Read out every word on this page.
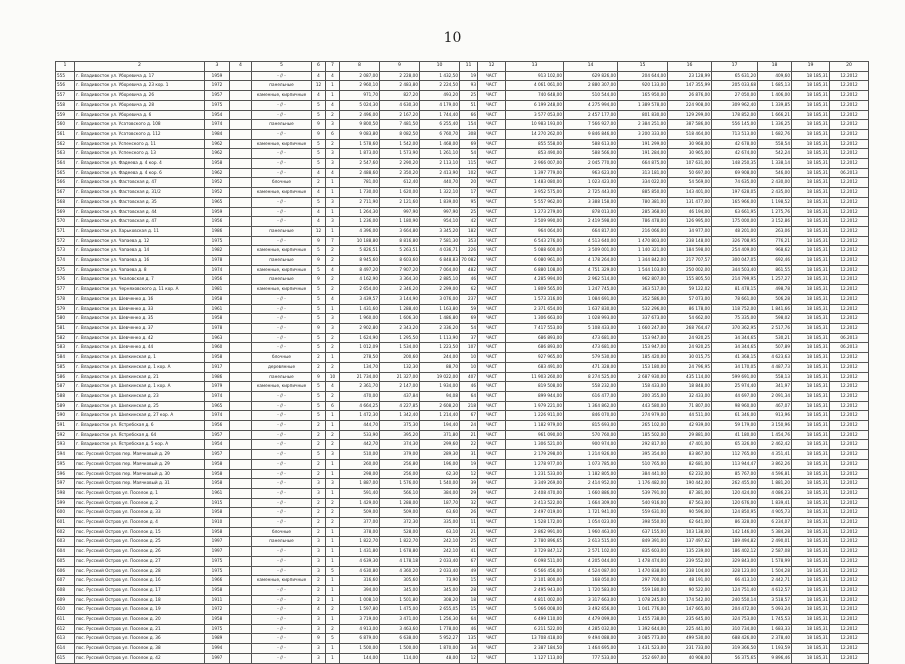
10
1	2	3	4	5	6	7	8	9	10	11	12	13	14	15	16	17	18	19	20
555	г. Владивосток ул. Уборевича д. 17	1959		- // -	4	4	2 087,00	2 228,00	1 432,50	19	ЧАСТ	913 102,00	629 826,00	204 644,00	23 128,99	65 631,20	409,60	18 185,31	12.2012
556	г. Владивосток ул. Уборевича д. 23 кор. 1	1972		панельные	12	1	2 960,10	2 483,80	2 224,50	93	ЧАСТ	4 061 061,00	2 880 307,00	920 133,00	147 355,99	205 033,68	1 685,13	18 185,31	12.2012
557	г. Владивосток ул. Уборевича д. 26	1957		каменные, кирпичные	4	1	971,70	827,20	493,20	25	ЧАСТ	740 648,00	510 544,00	165 950,00	26 876,00	27 050,00	1 406,00	18 185,31	12.2012
558	г. Владивосток ул. Уборевича д. 28	1975		- // -	5	4	5 024,30	4 630,30	4 179,00	51	ЧАСТ	6 199 248,00	4 275 994,00	1 389 578,00	224 908,00	309 962,40	1 339,85	18 185,31	12.2012
559	г. Владивосток ул. Уборевича д. 6	1954		- // -	5	2	2 496,00	2 167,20	1 744,40	66	ЧАСТ	3 577 053,00	2 457 177,00	801 830,00	129 299,00	178 852,00	1 666,21	18 185,31	12.2012
560	г. Владивосток ул. Усатовского д. 108	1974		панельные	9	3	9 800,50	7 481,50	6 255,40	154	ЧАСТ	10 983 193,00	7 566 927,00	2 384 251,00	387 586,00	556 145,00	1 336,25	18 185,31	12.2012
561	г. Владивосток ул. Усатовского д. 112	1984		- // -	9	6	9 083,80	8 082,50	6 760,70	308	ЧАСТ	14 270 262,00	9 846 846,00	3 200 333,00	518 464,00	713 513,00	1 682,76	18 185,31	12.2012
562	г. Владивосток ул. Успенского д. 11	1962		каменные, кирпичные	5	2	1 578,60	1 542,00	1 468,00	69	ЧАСТ	855 558,00	588 613,00	191 299,00	30 968,00	42 678,00	558,54	18 185,31	12.2012
563	г. Владивосток ул. Успенского д. 13	1962		- // -	5	3	1 873,00	1 573,90	1 261,10	54	ЧАСТ	853 490,00	588 566,00	191 284,00	30 965,00	42 674,00	542,24	18 185,31	12.2012
564	г. Владивосток ул. Фадеева д. 4 кор. 4	1958		- // -	5	3	2 547,60	2 290,20	2 113,10	115	ЧАСТ	2 966 007,00	2 045 770,00	664 875,00	107 631,00	148 250,35	1 338,14	18 185,31	12.2012
565	г. Владивосток ул. Фадеева д. 4 кор. 6	1962		- // -	4	4	2 488,60	2 350,20	2 413,90	102	ЧАСТ	1 397 779,00	963 623,00	313 181,00	50 697,00	69 908,00	546,00	18 185,31	06.2013
566	г. Владивосток ул. Фастовская д. 47	1952		блочные	2	1	781,00	612,40	440,70	20	ЧАСТ	1 483 080,00	1 023 423,00	334 022,00	54 569,00	74 635,00	2 430,00	18 185,31	12.2012
567	г. Владивосток ул. Фастовская д. 31/2	1952		каменные, кирпичные	4	1	1 730,00	1 620,00	1 322,10	17	ЧАСТ	3 952 575,00	2 725 443,00	885 850,00	143 401,00	197 628,05	2 435,00	18 185,31	12.2012
568	г. Владивосток ул. Фастовская д. 35	1965		- // -	5	3	2 711,90	2 121,60	1 839,00	95	ЧАСТ	5 557 962,00	3 388 158,00	780 381,00	131 477,00	165 966,00	1 198,52	18 185,31	12.2012
569	г. Владивосток ул. Фастовская д. 44	1959		- // -	4	1	1 264,30	997,90	997,90	25	ЧАСТ	1 273 279,00	878 013,00	285 368,00	46 194,00	63 661,95	1 275,76	18 185,31	12.2012
570	г. Владивосток ул. Фастовская д. 47	1956		- // -	4	3	1 236,00	1 180,90	954,10	42	ЧАСТ	3 509 990,00	2 419 598,00	786 478,00	126 995,00	175 000,00	3 152,86	18 185,31	12.2012
571	г. Владивосток ул. Харьковская д. 11	1986		панельные	12	1	4 396,00	3 664,80	3 345,20	182	ЧАСТ	964 064,00	664 817,00	216 066,00	34 977,00	48 201,00	263,06	18 185,31	12.2012
572	г. Владивосток ул. Чапаева д. 12	1975		- // -	9	7	10 188,80	8 816,80	7 581,30	353	ЧАСТ	6 543 276,00	4 513 640,00	1 470 803,00	238 148,00	326 708,95	776,21	18 185,31	12.2012
573	г. Владивосток ул. Чапаева д. 14	1982		каменные, кирпичные	5	2	5 826,51	5 263,51	4 036,71	226	ЧАСТ	5 088 600,00	3 509 001,00	1 140 321,00	184 598,00	254 409,00	968,62	18 185,31	12.2012
574	г. Владивосток ул. Чапаева д. 16	1978		панельные	9	2	8 945,60	8 603,60	6 848,83	70 082	ЧАСТ	6 080 961,00	4 178 264,00	1 344 842,00	217 707,57	300 047,05	692,46	18 185,31	12.2012
575	г. Владивосток ул. Чапаева д. 8	1974		каменные, кирпичные	5	4	8 497,20	7 907,20	7 064,00	482	ЧАСТ	6 880 108,00	4 751 329,00	1 544 103,00	250 002,00	344 503,40	861,55	18 185,31	12.2012
576	г. Владивосток ул. Чкаловская д. 7	1956		панельные	9	2	4 162,90	3 364,30	2 885,10	46	ЧАСТ	4 285 994,00	2 962 514,00	962 807,00	155 805,50	214 799,95	1 257,27	18 185,31	12.2012
577	г. Владивосток ул. Черняховского д. 11 кор. А	1981		каменные, кирпичные	5	2	2 654,00	2 346,20	2 299,00	62	ЧАСТ	1 809 565,00	1 247 745,00	363 517,00	59 122,02	81 478,15	498,78	18 185,31	12.2012
578	г. Владивосток ул. Шевченко д. 16	1958		- // -	5	4	3 439,57	3 144,90	3 076,00	237	ЧАСТ	1 573 316,00	1 084 691,00	352 586,00	57 073,00	78 661,00	506,28	18 185,31	12.2012
579	г. Владивосток ул. Шевченко д. 33	1961		- // -	5	1	1 431,60	1 288,40	1 163,80	59	ЧАСТ	2 371 654,00	1 637 830,00	532 296,00	86 178,00	118 752,00	1 841,66	18 185,31	12.2012
580	г. Владивосток ул. Шевченко д. 35	1958		- // -	5	3	1 960,00	1 606,30	1 486,80	69	ЧАСТ	1 306 663,00	1 028 993,00	337 673,00	54 662,00	75 335,00	598,02	18 185,31	12.2012
581	г. Владивосток ул. Шевченко д. 37	1978		- // -	9	3	2 902,80	2 343,20	2 336,20	54	ЧАСТ	7 417 553,00	5 108 433,00	1 660 247,00	268 764,47	370 362,95	2 517,76	18 185,31	12.2012
582	г. Владивосток ул. Шевченко д. 42	1963		- // -	5	2	1 624,90	1 295,50	1 113,90	37	ЧАСТ	686 893,00	473 681,00	153 947,00	24 920,25	34 344,65	530,21	18 185,31	06.2013
583	г. Владивосток ул. Шевченко д. 44	1960		- // -	5	2	1 012,09	1 534,00	1 223,50	107	ЧАСТ	686 893,00	473 681,00	153 947,00	24 920,25	34 344,65	507,89	18 185,31	06.2013
584	г. Владивосток ул. Шилкинская д. 1	1958		блочные	2	1	278,50	200,60	244,00	10	ЧАСТ	927 965,00	579 530,00	185 420,00	30 015,75	41 368,15	4 623,63	18 185,31	12.2012
585	г. Владивосток ул. Шилкинская д. 1 кор. А	1917		деревянные	2	2	134,70	132,30	88,70	10	ЧАСТ	683 491,00	471 328,00	153 180,00	24 796,95	34 170,05	4 487,73	18 185,31	12.2012
586	г. Владивосток ул. Шилкинская д. 21	1986		панельные	9	10	21 734,00	21 327,00	19 022,00	407	ЧАСТ	11 903 260,00	8 274 525,00	2 687 930,00	435 114,00	599 691,00	558,13	18 185,31	12.2012
587	г. Владивосток ул. Шилкинская д. 1 кор. А	1979		каменные, кирпичные	5	4	2 361,70	2 147,00	1 934,00	46	ЧАСТ	819 508,00	558 232,00	158 433,00	18 848,00	25 974,40	341,97	18 185,31	12.2012
588	г. Владивосток ул. Шилкинская д. 23	1974		- // -	5	2	470,00	437,84	94,08	64	ЧАСТ	899 944,00	616 477,00	200 355,00	32 433,00	44 697,00	2 091,34	18 185,31	12.2012
589	г. Владивосток ул. Шилкинская д. 25	1965		- // -	5	6	4 664,25	4 227,85	2 608,20	218	ЧАСТ	1 979 221,00	1 364 862,00	443 580,00	71 807,00	98 960,00	467,07	18 185,31	12.2012
590	г. Владивосток ул. Шилкинская д. 27 кор. А	1974		- // -	5	1	1 472,30	1 342,40	1 214,40	67	ЧАСТ	1 226 911,00	846 070,00	274 979,00	44 511,00	61 346,00	913,96	18 185,31	12.2012
591	г. Владивосток ул. Ястребская д. 6	1956		- // -	2	1	444,70	375,30	194,40	24	ЧАСТ	1 182 979,00	815 693,00	265 102,00	42 939,00	59 179,00	3 150,96	18 185,31	12.2012
592	г. Владивосток ул. Ястребская д. 64	1957		- // -	2	2	533,90	395,20	371,80	21	ЧАСТ	961 090,00	570 760,00	185 502,00	29 881,00	41 180,00	1 454,76	18 185,31	12.2012
593	г. Владивосток ул. Ястребская д. 5 кор. А	1954		- // -	2	2	442,70	374,30	299,60	22	ЧАСТ	1 306 521,00	900 974,00	292 817,00	47 401,00	65 326,00	2 462,42	18 185,31	12.2012
594	пос. Русский Остров пер. Маячковый д. 29	1957		- // -	5	3	510,00	379,00	289,30	31	ЧАСТ	2 179 298,00	1 214 926,00	395 354,00	83 867,00	112 765,00	4 351,41	18 185,31	12.2012
595	пос. Русский Остров пер. Маячковый д. 29	1958		- // -	2	1	260,00	256,80	196,00	19	ЧАСТ	1 278 977,00	1 073 785,00	510 765,00	82 681,00	113 944,47	3 862,26	18 185,31	12.2012
596	пос. Русский Остров пер. Маячковый д. 30	1958		- // -	2	1	298,00	256,00	62,30	12	ЧАСТ	1 231 533,00	1 182 805,00	384 441,00	62 232,00	85 767,00	4 596,81	18 185,31	12.2012
597	пос. Русский Остров пер. Маячковый д. 31	1958		- // -	3	3	1 887,00	1 576,00	1 540,00	39	ЧАСТ	3 349 269,00	2 414 952,00	1 176 482,00	190 442,00	262 455,00	1 881,20	18 185,31	12.2012
598	пос. Русский Остров ул. Поселок д. 1	1961		- // -	3	1	591,40	566,10	384,00	29	ЧАСТ	2 408 470,00	1 660 886,00	539 791,00	87 381,00	120 424,00	4 086,23	18 185,31	12.2012
599	пос. Русский Остров ул. Поселок д. 2	1915		- // -	2	2	1 429,00	1 288,00	187,70	32	ЧАСТ	2 413 522,00	1 664 309,00	540 916,00	87 563,00	120 676,00	1 839,41	18 185,31	12.2012
600	пос. Русский Остров ул. Поселок д. 33	1958		- // -	2	2	509,00	509,00	63,60	26	ЧАСТ	2 497 019,00	1 721 941,00	559 631,00	90 596,00	124 850,95	4 905,73	18 185,31	12.2012
601	пос. Русский Остров ул. Поселок д. 4	1910		- // -	2	2	377,00	372,30	335,00	11	ЧАСТ	1 528 172,00	1 054 023,00	398 550,00	62 641,00	86 328,00	6 234,07	18 185,31	12.2012
602	пос. Русский Остров ул. Поселок д. 15	1958		блочные	2	1	378,00	528,00	63,10	21	ЧАСТ	2 862 991,00	1 960 463,00	637 155,00	103 138,00	142 146,00	5 384,28	18 185,31	12.2012
603	пос. Русский Остров ул. Поселок д. 25	1997		панельные	3	1	1 822,70	1 822,70	242,10	25	ЧАСТ	2 780 896,65	2 613 515,00	849 391,00	137 497,62	189 494,82	2 490,01	18 185,31	12.2012
604	пос. Русский Остров ул. Поселок д. 26	1997		- // -	3	1	1 431,80	1 678,80	242,10	41	ЧАСТ	3 729 847,12	2 571 102,00	835 603,00	135 239,00	186 402,12	2 587,08	18 185,31	12.2012
605	пос. Русский Остров ул. Поселок д. 27	1975		- // -	3	1	4 639,30	4 178,18	2 033,40	67	ЧАСТ	6 098 511,00	4 205 044,00	1 478 474,00	239 552,00	329 843,00	1 578,99	18 185,31	12.2012
606	пос. Русский Остров ул. Поселок д. 28	1975		- // -	3	5	4 630,80	4 360,20	2 033,40	49	ЧАСТ	6 566 456,00	4 524 087,00	1 470 838,00	238 104,00	328 123,00	1 504,28	18 185,31	12.2012
607	пос. Русский Остров ул. Поселок д. 16	1966		каменные, кирпичные	2	1	316,60	305,60	73,90	15	ЧАСТ	2 101 800,00	168 050,00	297 700,00	48 191,00	66 413,10	2 442,71	18 185,31	12.2012
608	пос. Русский Остров ул. Поселок д. 17	1958		- // -	2	1	394,00	345,00	345,00	28	ЧАСТ	2 495 943,00	1 720 583,00	559 180,00	90 522,00	124 751,40	4 612,57	18 185,31	12.2012
609	пос. Русский Остров ул. Поселок д. 18	1911		- // -	2	1	1 008,10	1 501,80	308,20	18	ЧАСТ	4 811 002,00	3 317 663,00	1 078 245,00	174 542,00	240 550,14	3 518,57	18 185,31	12.2012
610	пос. Русский Остров ул. Поселок д. 19	1972		- // -	4	2	1 597,80	1 475,00	2 655,05	15	ЧАСТ	5 066 008,00	3 492 656,00	1 041 776,00	147 665,00	204 472,00	5 093,24	18 185,31	12.2012
611	пос. Русский Остров ул. Поселок д. 20	1958		- // -	3	1	3 719,00	3 471,00	1 256,30	64	ЧАСТ	6 499 110,00	4 479 099,00	1 455 738,00	235 645,00	324 753,00	1 745,53	18 185,31	12.2012
612	пос. Русский Остров ул. Поселок д. 21	1975		- // -	3	2	4 913,00	3 463,60	1 778,00	46	ЧАСТ	6 211 522,00	4 285 032,00	1 392 644,00	225 441,00	310 734,00	1 683,33	18 185,31	12.2012
613	пос. Русский Остров ул. Поселок д. 36	1989		- // -	9	5	6 879,00	6 638,00	5 952,27	135	ЧАСТ	13 708 418,00	9 494 088,00	3 085 773,00	499 530,00	688 426,00	2 378,40	18 185,31	12.2012
614	пос. Русский Остров ул. Поселок д. 38	1994		- // -	3	1	1 500,00	1 500,00	1 870,00	34	ЧАСТ	2 387 184,50	1 464 695,00	1 431 523,00	231 733,00	319 366,50	1 193,59	18 185,31	12.2012
615	пос. Русский Остров ул. Поселок д. 42	1997		- // -	3	1	144,00	114,00	48,00	12	ЧАСТ	1 127 113,00	777 533,00	252 697,00	40 908,00	56 375,65	9 896,46	18 185,31	12.2012
